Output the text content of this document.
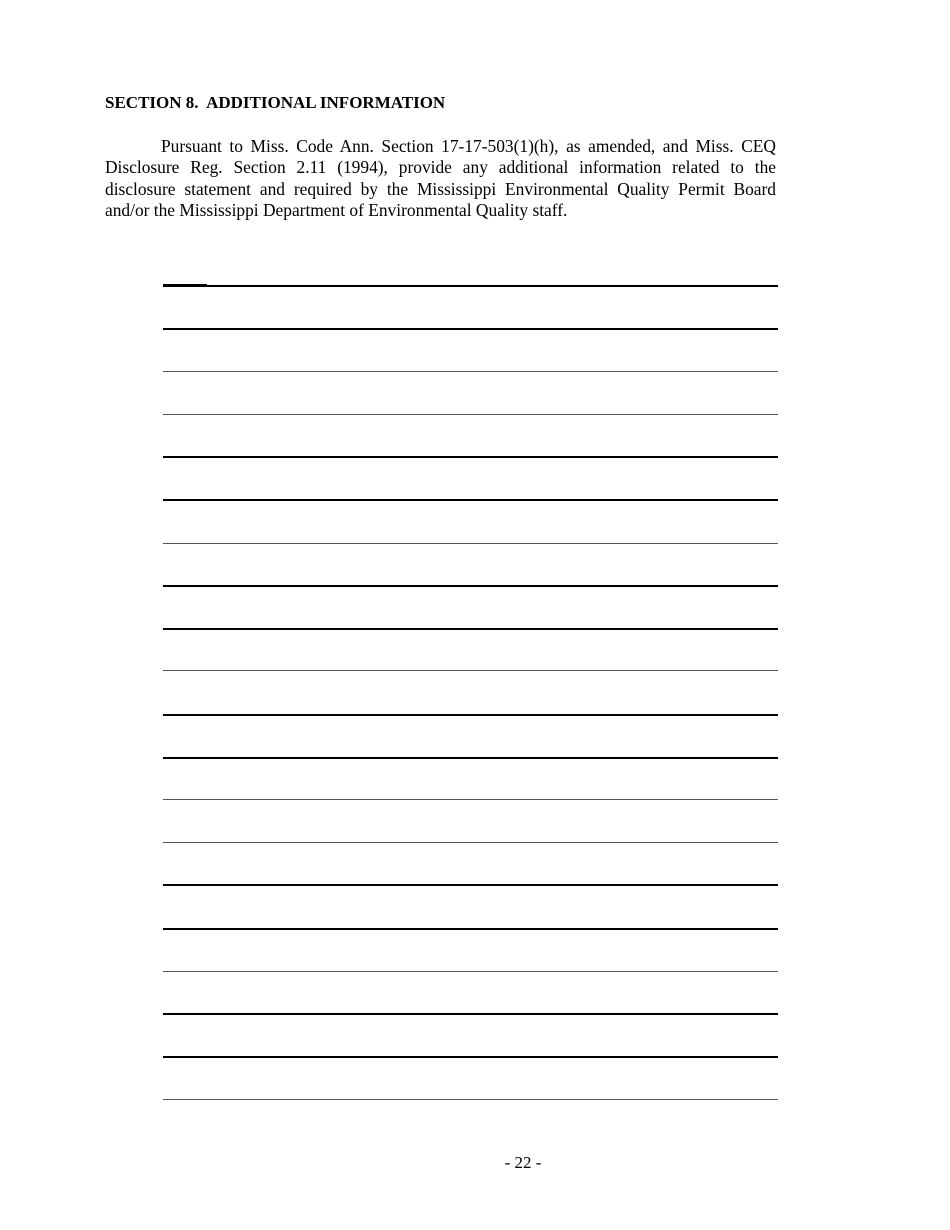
SECTION 8.  ADDITIONAL INFORMATION

Pursuant to Miss. Code Ann. Section 17-17-503(1)(h), as amended, and Miss. CEQ Disclosure Reg. Section 2.11 (1994), provide any additional information related to the disclosure statement and required by the Mississippi Environmental Quality Permit Board and/or the Mississippi Department of Environmental Quality staff.

- 22 -
